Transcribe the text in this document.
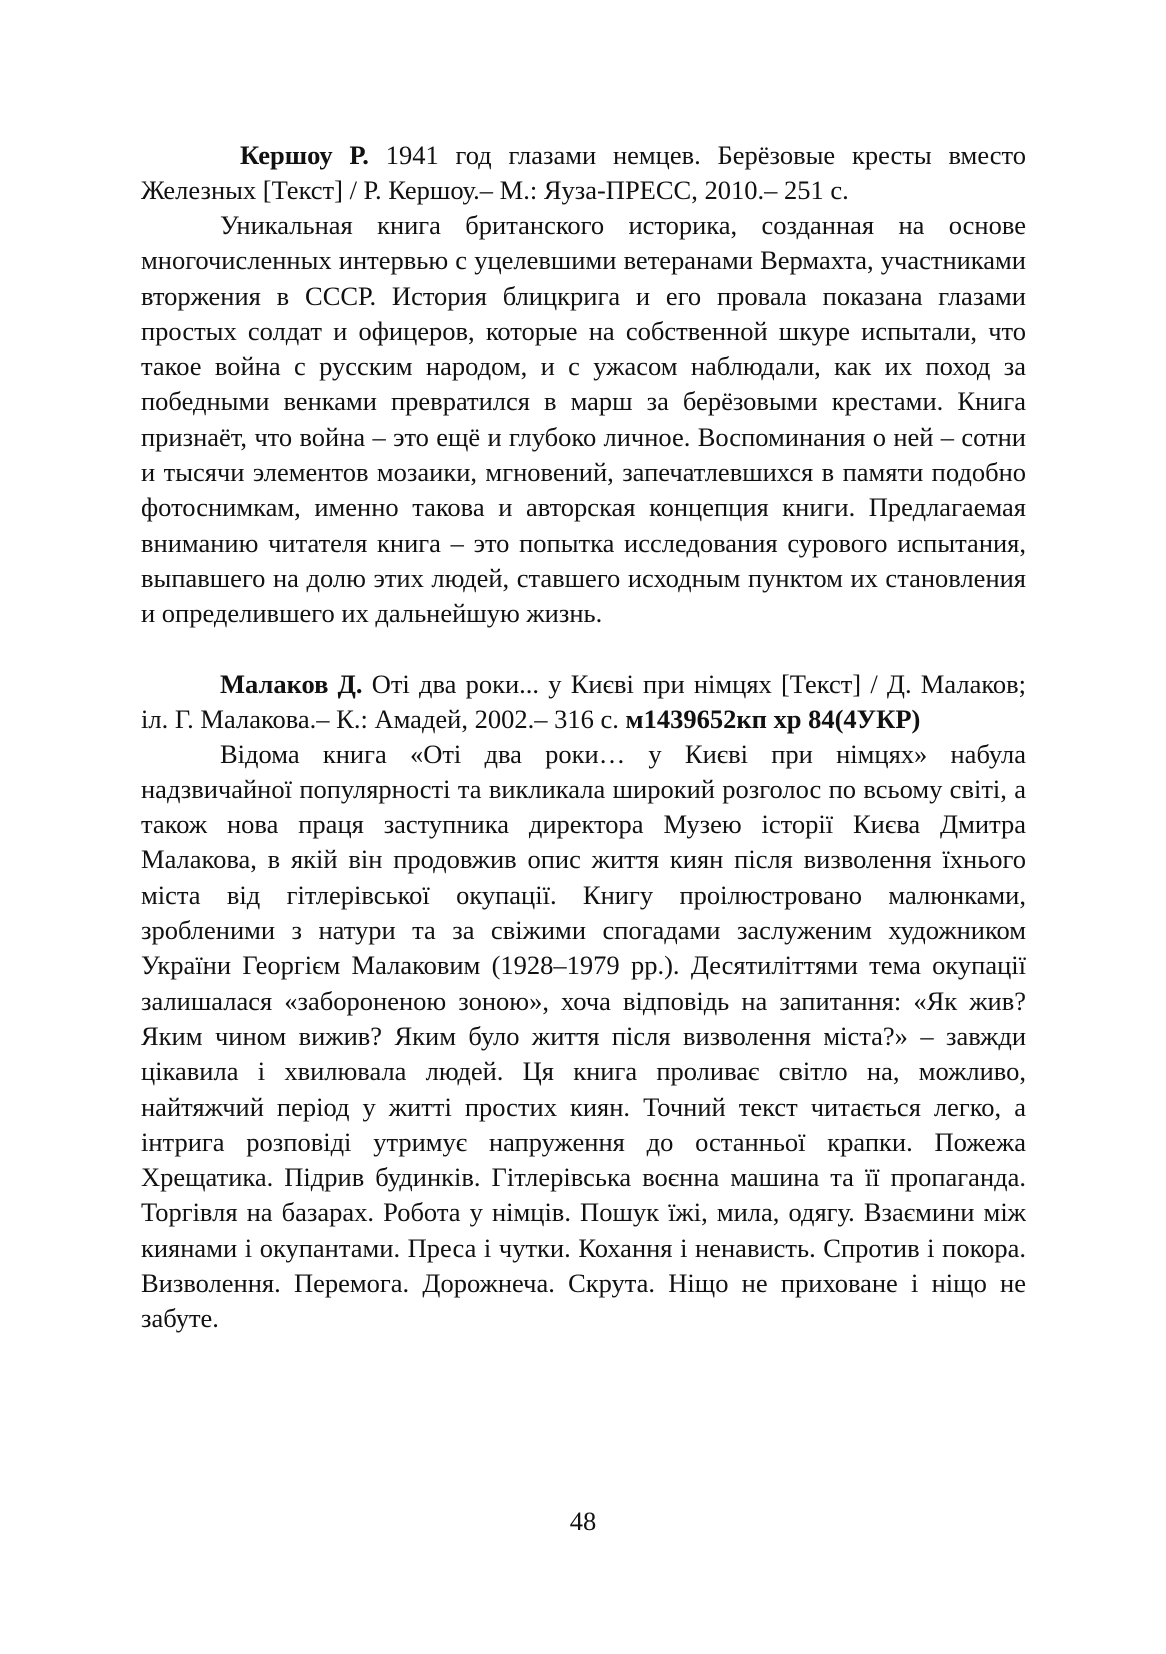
Кершоу Р. 1941 год глазами немцев. Берёзовые кресты вместо Железных [Текст] / Р. Кершоу.– М.: Яуза-ПРЕСС, 2010.– 251 с.

Уникальная книга британского историка, созданная на основе многочисленных интервью с уцелевшими ветеранами Вермахта, участниками вторжения в СССР. История блицкрига и его провала показана глазами простых солдат и офицеров, которые на собственной шкуре испытали, что такое война с русским народом, и с ужасом наблюдали, как их поход за победными венками превратился в марш за берёзовыми крестами. Книга признаёт, что война – это ещё и глубоко личное. Воспоминания о ней – сотни и тысячи элементов мозаики, мгновений, запечатлевшихся в памяти подобно фотоснимкам, именно такова и авторская концепция книги. Предлагаемая вниманию читателя книга – это попытка исследования сурового испытания, выпавшего на долю этих людей, ставшего исходным пунктом их становления и определившего их дальнейшую жизнь.

Малаков Д. Оті два роки... у Києві при німцях [Текст] / Д. Малаков; іл. Г. Малакова.– К.: Амадей, 2002.– 316 с. м1439652кп хр 84(4УКР)

Відома книга «Оті два роки… у Києві при німцях» набула надзвичайної популярності та викликала широкий розголос по всьому світі, а також нова праця заступника директора Музею історії Києва Дмитра Малакова, в якій він продовжив опис життя киян після визволення їхнього міста від гітлерівської окупації. Книгу проілюстровано малюнками, зробленими з натури та за свіжими спогадами заслуженим художником України Георгієм Малаковим (1928–1979 рр.). Десятиліттями тема окупації залишалася «забороненою зоною», хоча відповідь на запитання: «Як жив? Яким чином вижив? Яким було життя після визволення міста?» – завжди цікавила і хвилювала людей. Ця книга проливає світло на, можливо, найтяжчий період у житті простих киян. Точний текст читається легко, а інтрига розповіді утримує напруження до останньої крапки. Пожежа Хрещатика. Підрив будинків. Гітлерівська воєнна машина та її пропаганда. Торгівля на базарах. Робота у німців. Пошук їжі, мила, одягу. Взаємини між киянами і окупантами. Преса і чутки. Кохання і ненависть. Спротив і покора. Визволення. Перемога. Дорожнеча. Скрута. Ніщо не приховане і ніщо не забуте.

48
